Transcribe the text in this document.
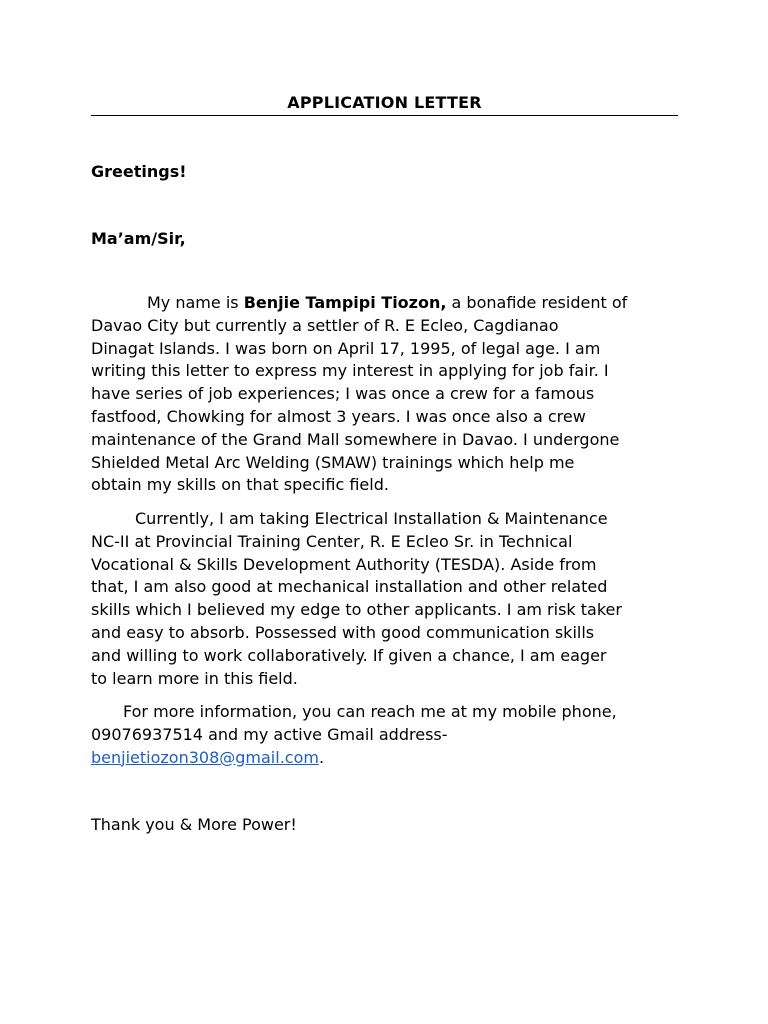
APPLICATION LETTER
Greetings!
Ma’am/Sir,
My name is Benjie Tampipi Tiozon, a bonafide resident of
Davao City but currently a settler of R. E Ecleo, Cagdianao
Dinagat Islands. I was born on April 17, 1995, of legal age. I am
writing this letter to express my interest in applying for job fair. I
have series of job experiences; I was once a crew for a famous
fastfood, Chowking for almost 3 years. I was once also a crew
maintenance of the Grand Mall somewhere in Davao. I undergone
Shielded Metal Arc Welding (SMAW) trainings which help me
obtain my skills on that specific field.
Currently, I am taking Electrical Installation & Maintenance
NC-II at Provincial Training Center, R. E Ecleo Sr. in Technical
Vocational & Skills Development Authority (TESDA). Aside from
that, I am also good at mechanical installation and other related
skills which I believed my edge to other applicants. I am risk taker
and easy to absorb. Possessed with good communication skills
and willing to work collaboratively. If given a chance, I am eager
to learn more in this field.
For more information, you can reach me at my mobile phone,
09076937514 and my active Gmail address-
benjietiozon308@gmail.com.
Thank you & More Power!
